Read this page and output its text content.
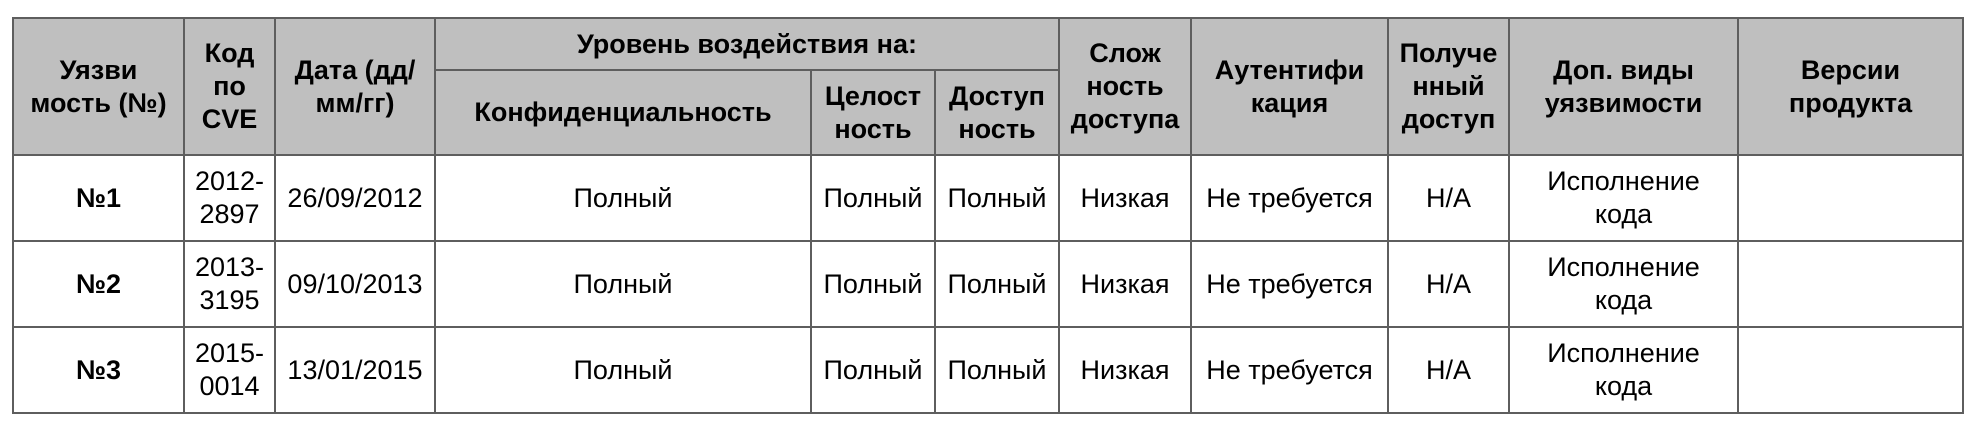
Уязви
мость (№)	Код
по
CVE	Дата (дд/
мм/гг)	Уровень воздействия на:			Слож
ность
доступа	Аутентифи
кация	Получе
нный
доступ	Доп. виды
уязвимости	Версии
продукта

			Конфиденциальность	Целост
ность	Доступ
ность					

№1	2012-
2897	26/09/2012	Полный	Полный	Полный	Низкая	Не требуется	Н/А	Исполнение
кода	

№2	2013-
3195	09/10/2013	Полный	Полный	Полный	Низкая	Не требуется	Н/А	Исполнение
кода	

№3	2015-
0014	13/01/2015	Полный	Полный	Полный	Низкая	Не требуется	Н/А	Исполнение
кода	
